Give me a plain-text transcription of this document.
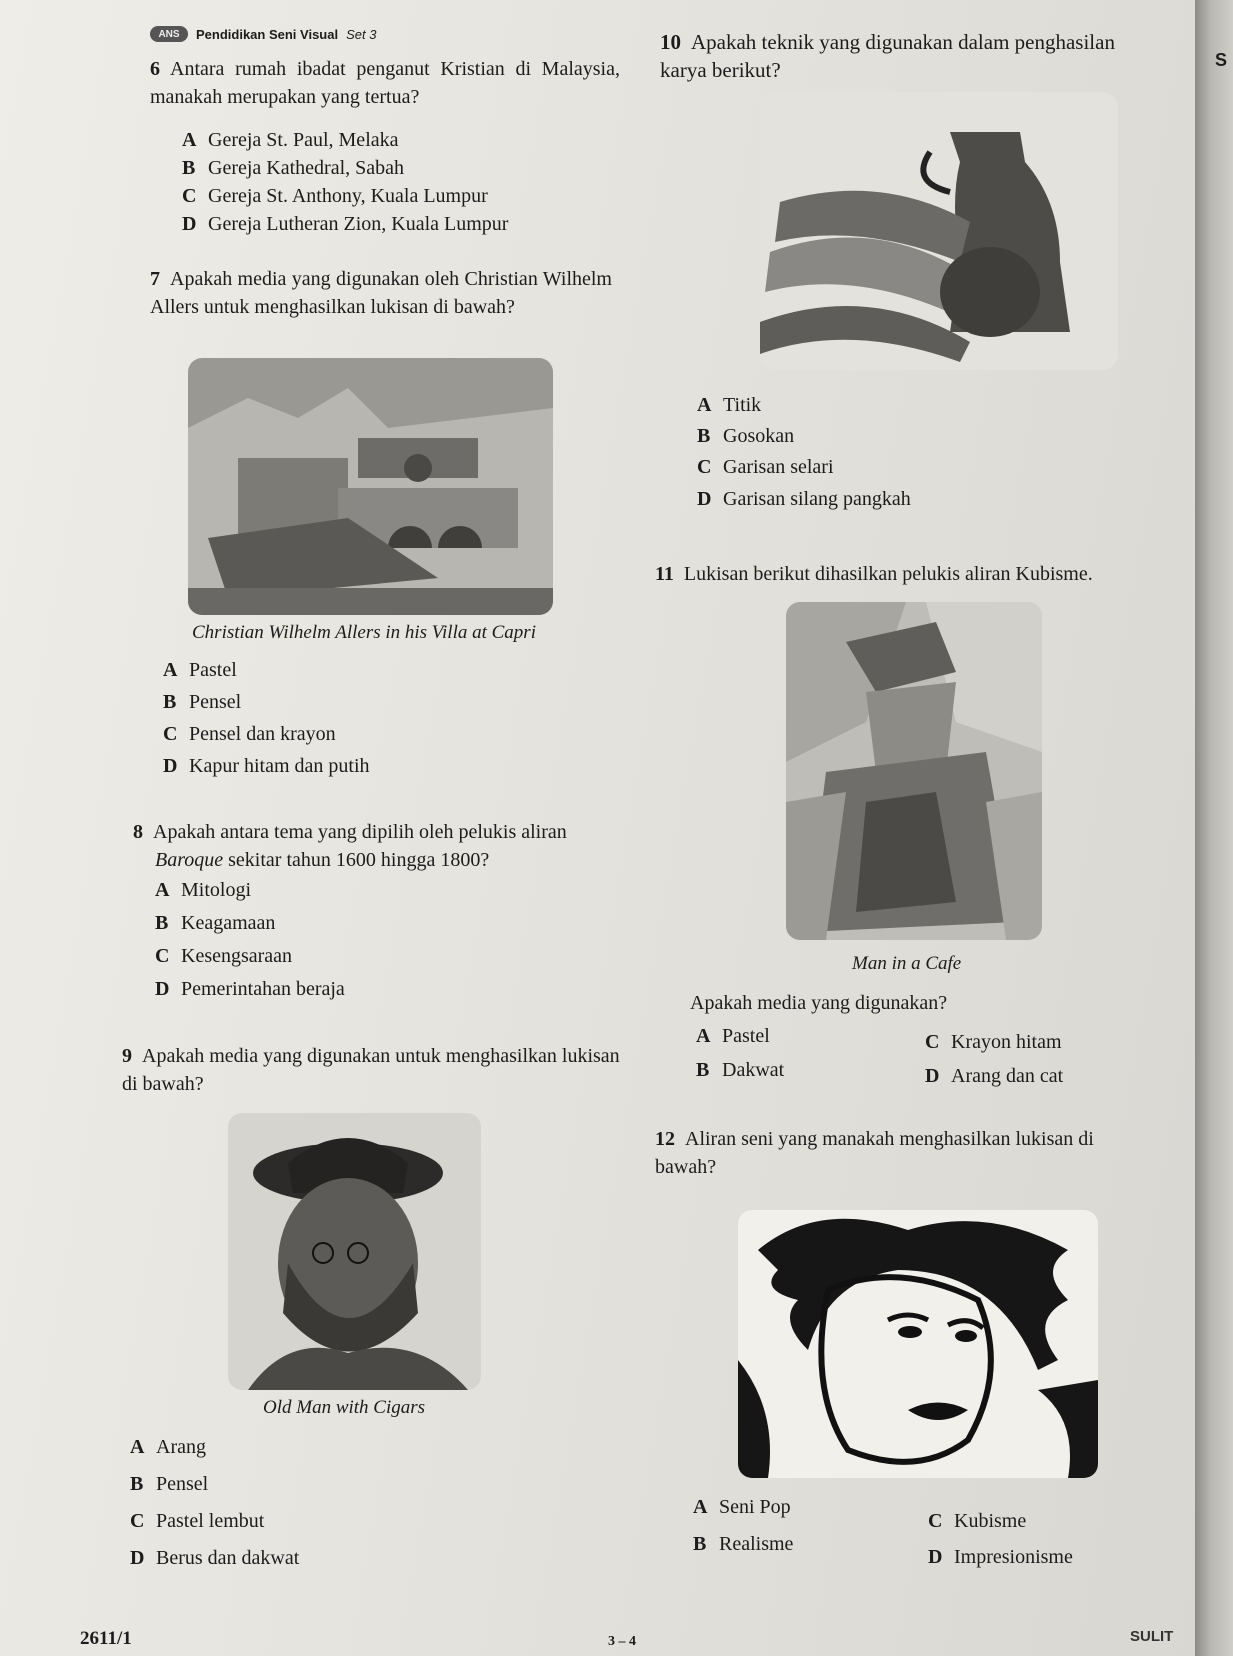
ANS	Pendidikan Seni Visual Set 3
S
6 Antara rumah ibadat penganut Kristian di Malaysia, manakah merupakan yang tertua?
A Gereja St. Paul, Melaka
B Gereja Kathedral, Sabah
C Gereja St. Anthony, Kuala Lumpur
D Gereja Lutheran Zion, Kuala Lumpur
7 Apakah media yang digunakan oleh Christian Wilhelm Allers untuk menghasilkan lukisan di bawah?
Christian Wilhelm Allers in his Villa at Capri
A Pastel
B Pensel
C Pensel dan krayon
D Kapur hitam dan putih
8 Apakah antara tema yang dipilih oleh pelukis aliran
Baroque sekitar tahun 1600 hingga 1800?
A Mitologi
B Keagamaan
C Kesengsaraan
D Pemerintahan beraja
9 Apakah media yang digunakan untuk menghasilkan lukisan di bawah?
Old Man with Cigars
A Arang
B Pensel
C Pastel lembut
D Berus dan dakwat
10 Apakah teknik yang digunakan dalam penghasilan karya berikut?
A Titik
B Gosokan
C Garisan selari
D Garisan silang pangkah
11 Lukisan berikut dihasilkan pelukis aliran Kubisme.
Man in a Cafe
Apakah media yang digunakan?
A Pastel
B Dakwat
C Krayon hitam
D Arang dan cat
12 Aliran seni yang manakah menghasilkan lukisan di bawah?
A Seni Pop
B Realisme
C Kubisme
D Impresionisme
2611/1	3 – 4	SULIT
